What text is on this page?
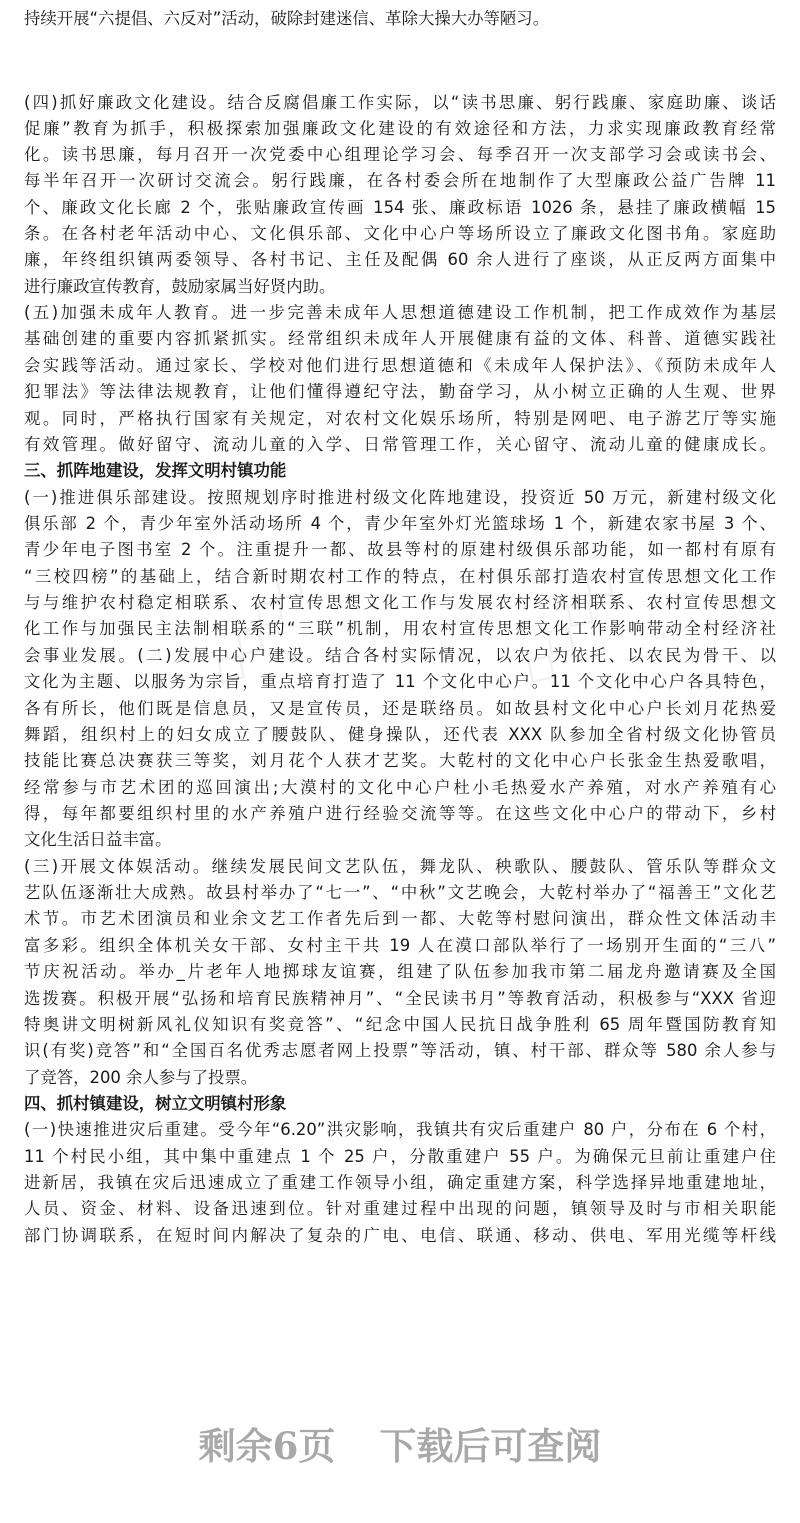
◇◇◇◇	◇◇◇◇
持续开展“六提倡、六反对”活动，破除封建迷信、革除大操大办等陋习。
(四)抓好廉政文化建设。结合反腐倡廉工作实际，以“读书思廉、躬行践廉、家庭助廉、谈话
促廉”教育为抓手，积极探索加强廉政文化建设的有效途径和方法，力求实现廉政教育经常
化。读书思廉，每月召开一次党委中心组理论学习会、每季召开一次支部学习会或读书会、
每半年召开一次研讨交流会。躬行践廉，在各村委会所在地制作了大型廉政公益广告牌 11
个、廉政文化长廊 2 个，张贴廉政宣传画 154 张、廉政标语 1026 条，悬挂了廉政横幅 15
条。在各村老年活动中心、文化俱乐部、文化中心户等场所设立了廉政文化图书角。家庭助
廉，年终组织镇两委领导、各村书记、主任及配偶 60 余人进行了座谈，从正反两方面集中
进行廉政宣传教育，鼓励家属当好贤内助。
(五)加强未成年人教育。进一步完善未成年人思想道德建设工作机制，把工作成效作为基层
基础创建的重要内容抓紧抓实。经常组织未成年人开展健康有益的文体、科普、道德实践社
会实践等活动。通过家长、学校对他们进行思想道德和《未成年人保护法》、《预防未成年人
犯罪法》等法律法规教育，让他们懂得遵纪守法，勤奋学习，从小树立正确的人生观、世界
观。同时，严格执行国家有关规定，对农村文化娱乐场所，特别是网吧、电子游艺厅等实施
有效管理。做好留守、流动儿童的入学、日常管理工作，关心留守、流动儿童的健康成长。
三、抓阵地建设，发挥文明村镇功能
(一)推进俱乐部建设。按照规划序时推进村级文化阵地建设，投资近 50 万元，新建村级文化
俱乐部 2 个，青少年室外活动场所 4 个，青少年室外灯光篮球场 1 个，新建农家书屋 3 个、
青少年电子图书室 2 个。注重提升一都、故县等村的原建村级俱乐部功能，如一都村有原有
“三校四榜”的基础上，结合新时期农村工作的特点，在村俱乐部打造农村宣传思想文化工作
与与维护农村稳定相联系、农村宣传思想文化工作与发展农村经济相联系、农村宣传思想文
化工作与加强民主法制相联系的“三联”机制，用农村宣传思想文化工作影响带动全村经济社
会事业发展。(二)发展中心户建设。结合各村实际情况，以农户为依托、以农民为骨干、以
文化为主题、以服务为宗旨，重点培育打造了 11 个文化中心户。11 个文化中心户各具特色，
各有所长，他们既是信息员，又是宣传员，还是联络员。如故县村文化中心户长刘月花热爱
舞蹈，组织村上的妇女成立了腰鼓队、健身操队，还代表 XXX 队参加全省村级文化协管员
技能比赛总决赛获三等奖，刘月花个人获才艺奖。大乾村的文化中心户长张金生热爱歌唱，
经常参与市艺术团的巡回演出;大漠村的文化中心户杜小毛热爱水产养殖，对水产养殖有心
得，每年都要组织村里的水产养殖户进行经验交流等等。在这些文化中心户的带动下，乡村
文化生活日益丰富。
(三)开展文体娱活动。继续发展民间文艺队伍，舞龙队、秧歌队、腰鼓队、管乐队等群众文
艺队伍逐渐壮大成熟。故县村举办了“七一”、“中秋”文艺晚会，大乾村举办了“福善王”文化艺
术节。市艺术团演员和业余文艺工作者先后到一都、大乾等村慰问演出，群众性文体活动丰
富多彩。组织全体机关女干部、女村主干共 19 人在漠口部队举行了一场别开生面的“三八”
节庆祝活动。举办_片老年人地掷球友谊赛，组建了队伍参加我市第二届龙舟邀请赛及全国
选拨赛。积极开展“弘扬和培育民族精神月”、“全民读书月”等教育活动，积极参与“XXX 省迎
特奥讲文明树新风礼仪知识有奖竞答”、“纪念中国人民抗日战争胜利 65 周年暨国防教育知
识(有奖)竞答”和“全国百名优秀志愿者网上投票”等活动，镇、村干部、群众等 580 余人参与
了竞答，200 余人参与了投票。
四、抓村镇建设，树立文明镇村形象
(一)快速推进灾后重建。受今年“6.20”洪灾影响，我镇共有灾后重建户 80 户，分布在 6 个村，
11 个村民小组，其中集中重建点 1 个 25 户，分散重建户 55 户。为确保元旦前让重建户住
进新居，我镇在灾后迅速成立了重建工作领导小组，确定重建方案，科学选择异地重建地址，
人员、资金、材料、设备迅速到位。针对重建过程中出现的问题，镇领导及时与市相关职能
部门协调联系，在短时间内解决了复杂的广电、电信、联通、移动、供电、军用光缆等杆线
剩余6页 下载后可查阅
